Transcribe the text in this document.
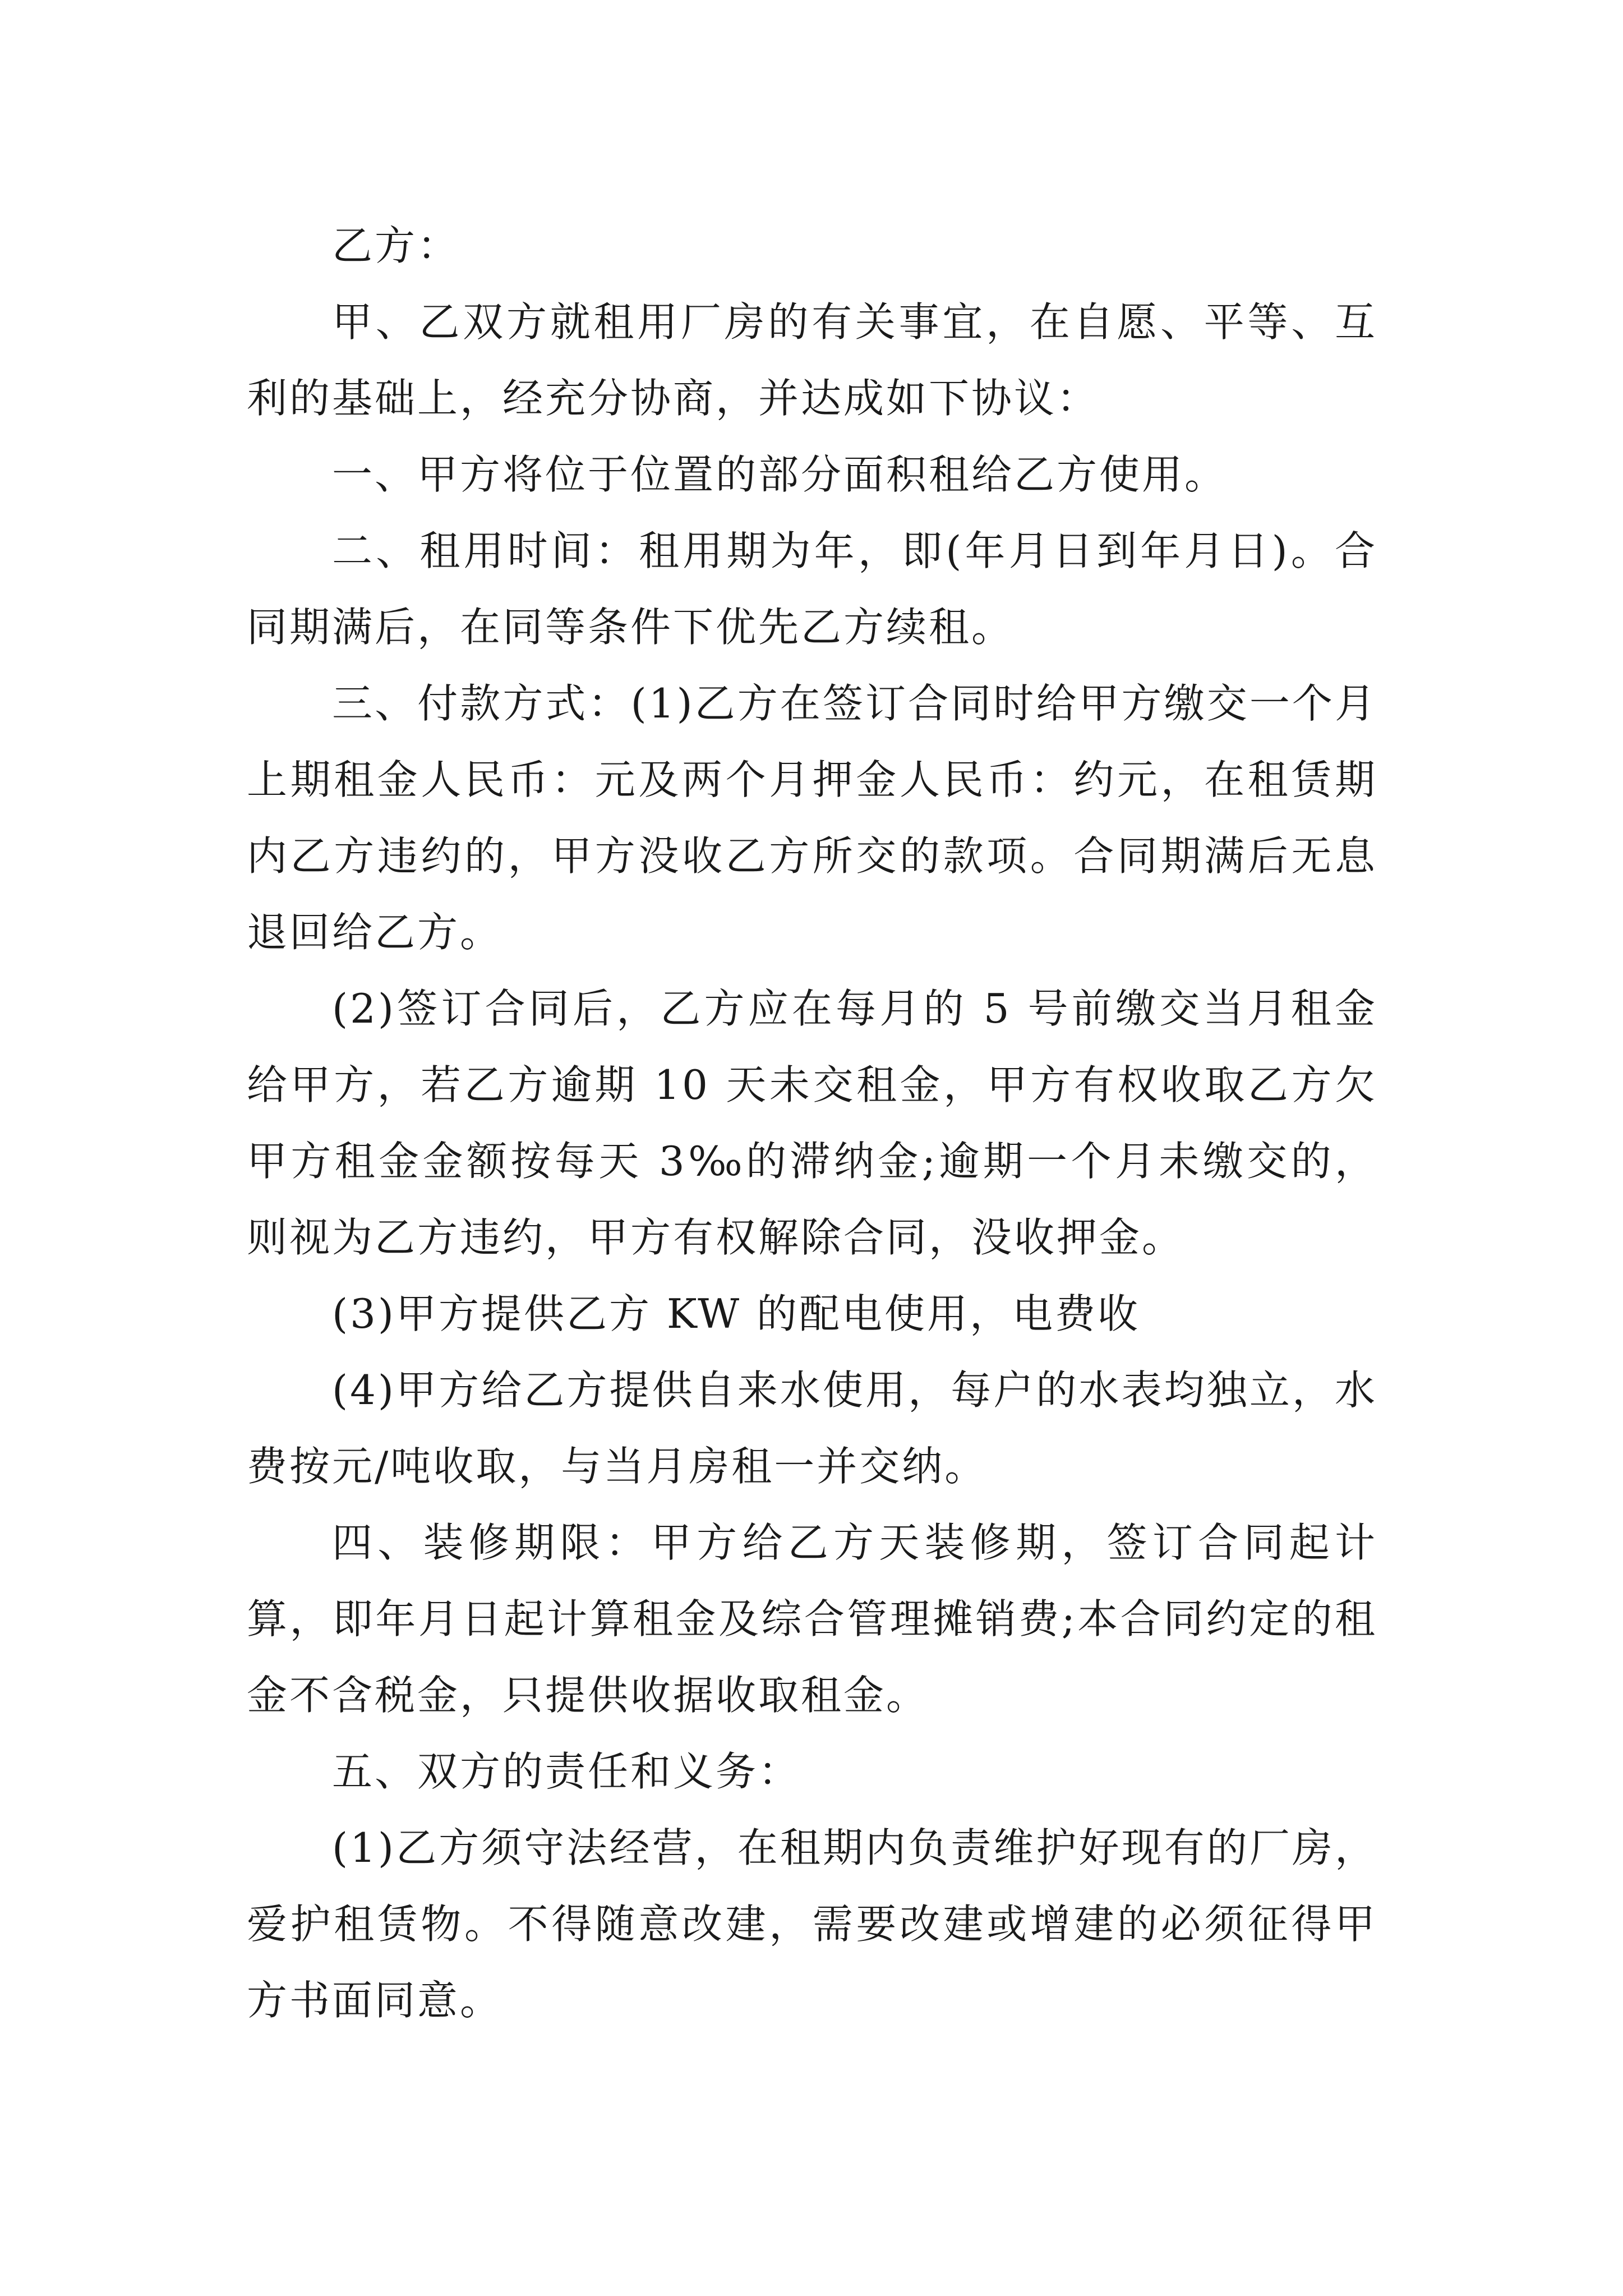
乙方：

甲、乙双方就租用厂房的有关事宜，在自愿、平等、互利的基础上，经充分协商，并达成如下协议：

一、甲方将位于位置的部分面积租给乙方使用。

二、租用时间：租用期为年，即(年月日到年月日)。合同期满后，在同等条件下优先乙方续租。

三、付款方式：(1)乙方在签订合同时给甲方缴交一个月上期租金人民币：元及两个月押金人民币：约元，在租赁期内乙方违约的，甲方没收乙方所交的款项。合同期满后无息退回给乙方。

(2)签订合同后，乙方应在每月的 5 号前缴交当月租金给甲方，若乙方逾期 10 天未交租金，甲方有权收取乙方欠甲方租金金额按每天 3‰的滞纳金;逾期一个月未缴交的，则视为乙方违约，甲方有权解除合同，没收押金。

(3)甲方提供乙方 KW 的配电使用，电费收

(4)甲方给乙方提供自来水使用，每户的水表均独立，水费按元/吨收取，与当月房租一并交纳。

四、装修期限：甲方给乙方天装修期，签订合同起计算，即年月日起计算租金及综合管理摊销费;本合同约定的租金不含税金，只提供收据收取租金。

五、双方的责任和义务：

(1)乙方须守法经营，在租期内负责维护好现有的厂房，爱护租赁物。不得随意改建，需要改建或增建的必须征得甲方书面同意。
